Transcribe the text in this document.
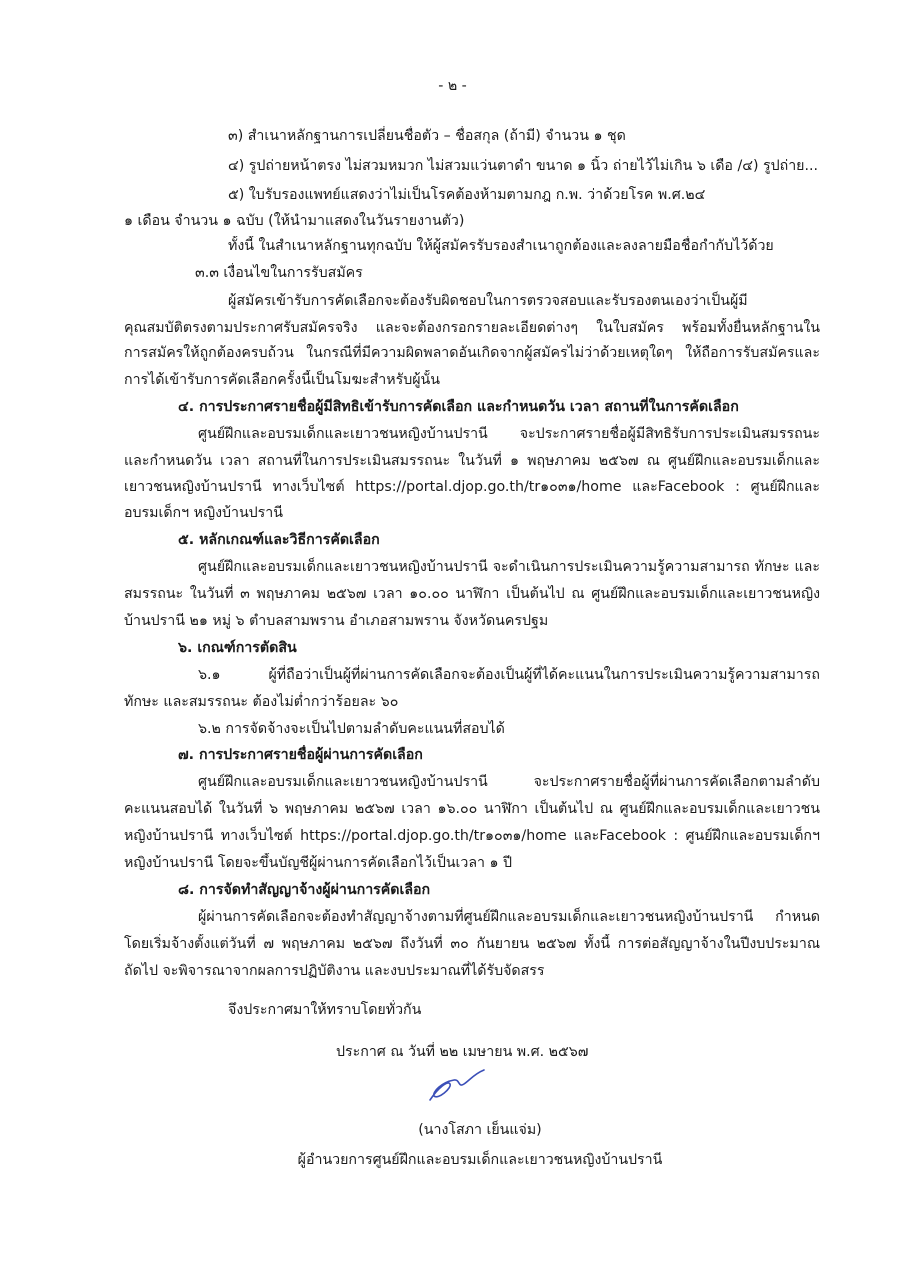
- ๒ -
๓) สำเนาหลักฐานการเปลี่ยนชื่อตัว – ชื่อสกุล (ถ้ามี) จำนวน ๑ ชุด
๔) รูปถ่ายหน้าตรง ไม่สวมหมวก ไม่สวมแว่นตาดำ ขนาด ๑ นิ้ว ถ่ายไว้ไม่เกิน ๖ เดือ /๔) รูปถ่าย...
๕) ใบรับรองแพทย์แสดงว่าไม่เป็นโรคต้องห้ามตามกฎ ก.พ. ว่าด้วยโรค พ.ศ.๒๔
๑ เดือน จำนวน ๑ ฉบับ (ให้นำมาแสดงในวันรายงานตัว)
ทั้งนี้ ในสำเนาหลักฐานทุกฉบับ ให้ผู้สมัครรับรองสำเนาถูกต้องและลงลายมือชื่อกำกับไว้ด้วย
๓.๓ เงื่อนไขในการรับสมัคร
ผู้สมัครเข้ารับการคัดเลือกจะต้องรับผิดชอบในการตรวจสอบและรับรองตนเองว่าเป็นผู้มี
คุณสมบัติตรงตามประกาศรับสมัครจริง และจะต้องกรอกรายละเอียดต่างๆ ในใบสมัคร พร้อมทั้งยื่นหลักฐานใน
การสมัครให้ถูกต้องครบถ้วน ในกรณีที่มีความผิดพลาดอันเกิดจากผู้สมัครไม่ว่าด้วยเหตุใดๆ ให้ถือการรับสมัครและ
การได้เข้ารับการคัดเลือกครั้งนี้เป็นโมฆะสำหรับผู้นั้น
๔. การประกาศรายชื่อผู้มีสิทธิเข้ารับการคัดเลือก และกำหนดวัน เวลา สถานที่ในการคัดเลือก
ศูนย์ฝึกและอบรมเด็กและเยาวชนหญิงบ้านปรานี จะประกาศรายชื่อผู้มีสิทธิรับการประเมินสมรรถนะ
และกำหนดวัน เวลา สถานที่ในการประเมินสมรรถนะ ในวันที่ ๑ พฤษภาคม ๒๕๖๗ ณ ศูนย์ฝึกและอบรมเด็กและ
เยาวชนหญิงบ้านปรานี ทางเว็บไซต์ https://portal.djop.go.th/tr๑๐๓๑/home และFacebook : ศูนย์ฝึกและ
อบรมเด็กฯ หญิงบ้านปรานี
๕. หลักเกณฑ์และวิธีการคัดเลือก
ศูนย์ฝึกและอบรมเด็กและเยาวชนหญิงบ้านปรานี จะดำเนินการประเมินความรู้ความสามารถ ทักษะ และ
สมรรถนะ ในวันที่ ๓ พฤษภาคม ๒๕๖๗ เวลา ๑๐.๐๐ นาฬิกา เป็นต้นไป ณ ศูนย์ฝึกและอบรมเด็กและเยาวชนหญิง
บ้านปรานี ๒๑ หมู่ ๖ ตำบลสามพราน อำเภอสามพราน จังหวัดนครปฐม
๖. เกณฑ์การตัดสิน
๖.๑ ผู้ที่ถือว่าเป็นผู้ที่ผ่านการคัดเลือกจะต้องเป็นผู้ที่ได้คะแนนในการประเมินความรู้ความสามารถ
ทักษะ และสมรรถนะ ต้องไม่ต่ำกว่าร้อยละ ๖๐
๖.๒ การจัดจ้างจะเป็นไปตามลำดับคะแนนที่สอบได้
๗. การประกาศรายชื่อผู้ผ่านการคัดเลือก
ศูนย์ฝึกและอบรมเด็กและเยาวชนหญิงบ้านปรานี จะประกาศรายชื่อผู้ที่ผ่านการคัดเลือกตามลำดับ
คะแนนสอบได้ ในวันที่ ๖ พฤษภาคม ๒๕๖๗ เวลา ๑๖.๐๐ นาฬิกา เป็นต้นไป ณ ศูนย์ฝึกและอบรมเด็กและเยาวชน
หญิงบ้านปรานี ทางเว็บไซต์ https://portal.djop.go.th/tr๑๐๓๑/home และFacebook : ศูนย์ฝึกและอบรมเด็กฯ
หญิงบ้านปรานี โดยจะขึ้นบัญชีผู้ผ่านการคัดเลือกไว้เป็นเวลา ๑ ปี
๘. การจัดทำสัญญาจ้างผู้ผ่านการคัดเลือก
ผู้ผ่านการคัดเลือกจะต้องทำสัญญาจ้างตามที่ศูนย์ฝึกและอบรมเด็กและเยาวชนหญิงบ้านปรานี กำหนด
โดยเริ่มจ้างตั้งแต่วันที่ ๗ พฤษภาคม ๒๕๖๗ ถึงวันที่ ๓๐ กันยายน ๒๕๖๗ ทั้งนี้ การต่อสัญญาจ้างในปีงบประมาณ
ถัดไป จะพิจารณาจากผลการปฏิบัติงาน และงบประมาณที่ได้รับจัดสรร
จึงประกาศมาให้ทราบโดยทั่วกัน
ประกาศ ณ วันที่ ๒๒ เมษายน พ.ศ. ๒๕๖๗
(นางโสภา เย็นแจ่ม)
ผู้อำนวยการศูนย์ฝึกและอบรมเด็กและเยาวชนหญิงบ้านปรานี
